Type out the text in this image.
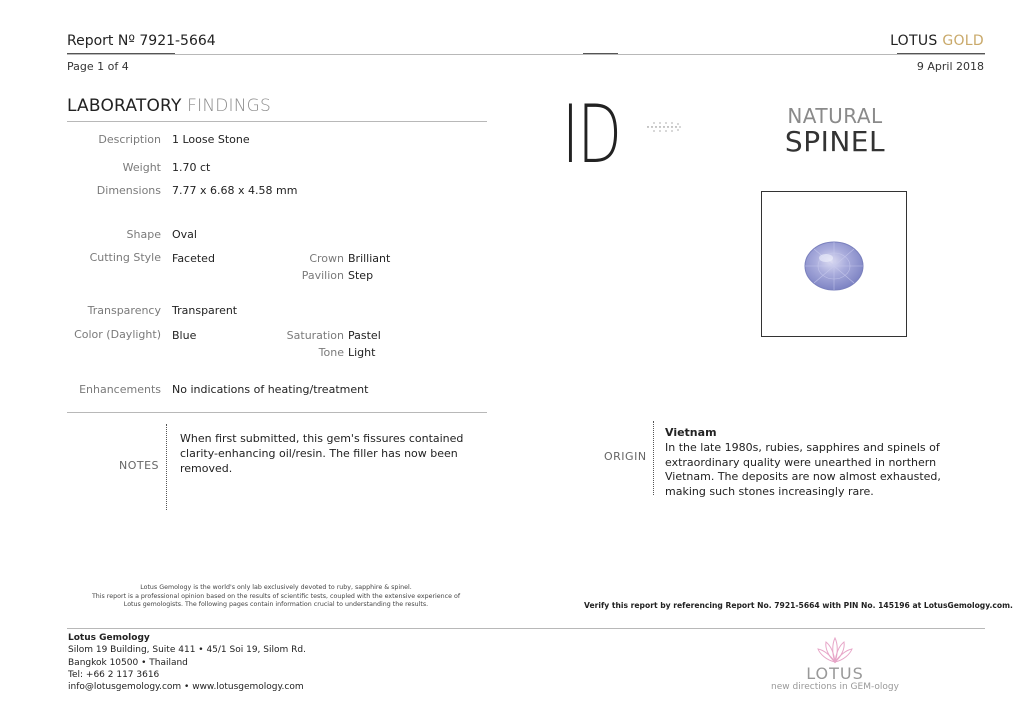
Report Nº 7921-5664
Page 1 of 4
LOTUS GOLD
9 April 2018
LABORATORY FINDINGS
Description 1 Loose Stone
Weight 1.70 ct
Dimensions 7.77 x 6.68 x 4.58 mm
Shape Oval
Cutting Style Faceted	Crown Brilliant
Pavilion Step
Transparency Transparent
Color (Daylight) Blue	Saturation Pastel
Tone Light
Enhancements No indications of heating/treatment
NOTES
When first submitted, this gem's fissures contained clarity-enhancing oil/resin. The filler has now been removed.
ID	NATURAL
SPINEL
ORIGIN
Vietnam
In the late 1980s, rubies, sapphires and spinels of extraordinary quality were unearthed in northern Vietnam. The deposits are now almost exhausted, making such stones increasingly rare.
Lotus Gemology is the world's only lab exclusively devoted to ruby, sapphire & spinel.
This report is a professional opinion based on the results of scientific tests, coupled with the extensive experience of
Lotus gemologists. The following pages contain information crucial to understanding the results.	Verify this report by referencing Report No. 7921-5664 with PIN No. 145196 at LotusGemology.com.
Lotus Gemology
Silom 19 Building, Suite 411 • 45/1 Soi 19, Silom Rd.
Bangkok 10500 • Thailand
Tel: +66 2 117 3616
info@lotusgemology.com • www.lotusgemology.com
LOTUS
new directions in GEM-ology
